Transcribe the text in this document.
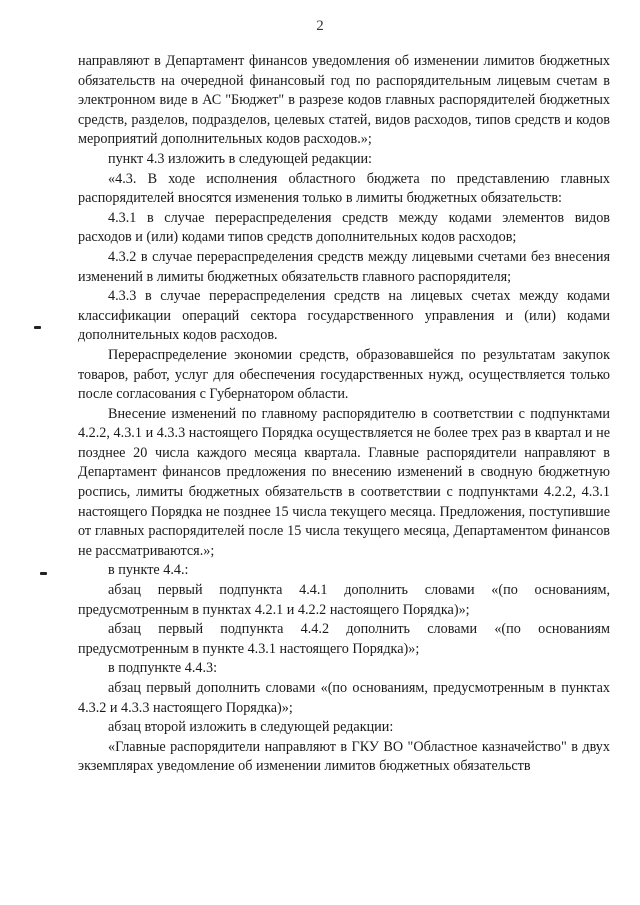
2

направляют в Департамент финансов уведомления об изменении лимитов бюджетных обязательств на очередной финансовый год по распорядительным лицевым счетам в электронном виде в АС "Бюджет" в разрезе кодов главных распорядителей бюджетных средств, разделов, подразделов, целевых статей, видов расходов, типов средств и кодов мероприятий дополнительных кодов расходов.»;

пункт 4.3 изложить в следующей редакции:

«4.3. В ходе исполнения областного бюджета по представлению главных распорядителей вносятся изменения только в лимиты бюджетных обязательств:

4.3.1 в случае перераспределения средств между кодами элементов видов расходов и (или) кодами типов средств дополнительных кодов расходов;

4.3.2 в случае перераспределения средств между лицевыми счетами без внесения изменений в лимиты бюджетных обязательств главного распорядителя;

4.3.3 в случае перераспределения средств на лицевых счетах между кодами классификации операций сектора государственного управления и (или) кодами дополнительных кодов расходов.

Перераспределение экономии средств, образовавшейся по результатам закупок товаров, работ, услуг для обеспечения государственных нужд, осуществляется только после согласования с Губернатором области.

Внесение изменений по главному распорядителю в соответствии с подпунктами 4.2.2, 4.3.1 и 4.3.3 настоящего Порядка осуществляется не более трех раз в квартал и не позднее 20 числа каждого месяца квартала. Главные распорядители направляют в Департамент финансов предложения по внесению изменений в сводную бюджетную роспись, лимиты бюджетных обязательств в соответствии с подпунктами 4.2.2, 4.3.1 настоящего Порядка не позднее 15 числа текущего месяца. Предложения, поступившие от главных распорядителей после 15 числа текущего месяца, Департаментом финансов не рассматриваются.»;

в пункте 4.4.:

абзац первый подпункта 4.4.1 дополнить словами «(по основаниям, предусмотренным в пунктах 4.2.1 и 4.2.2 настоящего Порядка)»;

абзац первый подпункта 4.4.2 дополнить словами «(по основаниям предусмотренным в пункте 4.3.1 настоящего Порядка)»;

в подпункте 4.4.3:

абзац первый дополнить словами «(по основаниям, предусмотренным в пунктах 4.3.2 и 4.3.3 настоящего Порядка)»;

абзац второй изложить в следующей редакции:

«Главные распорядители направляют в ГКУ ВО "Областное казначейство" в двух экземплярах уведомление об изменении лимитов бюджетных обязательств
